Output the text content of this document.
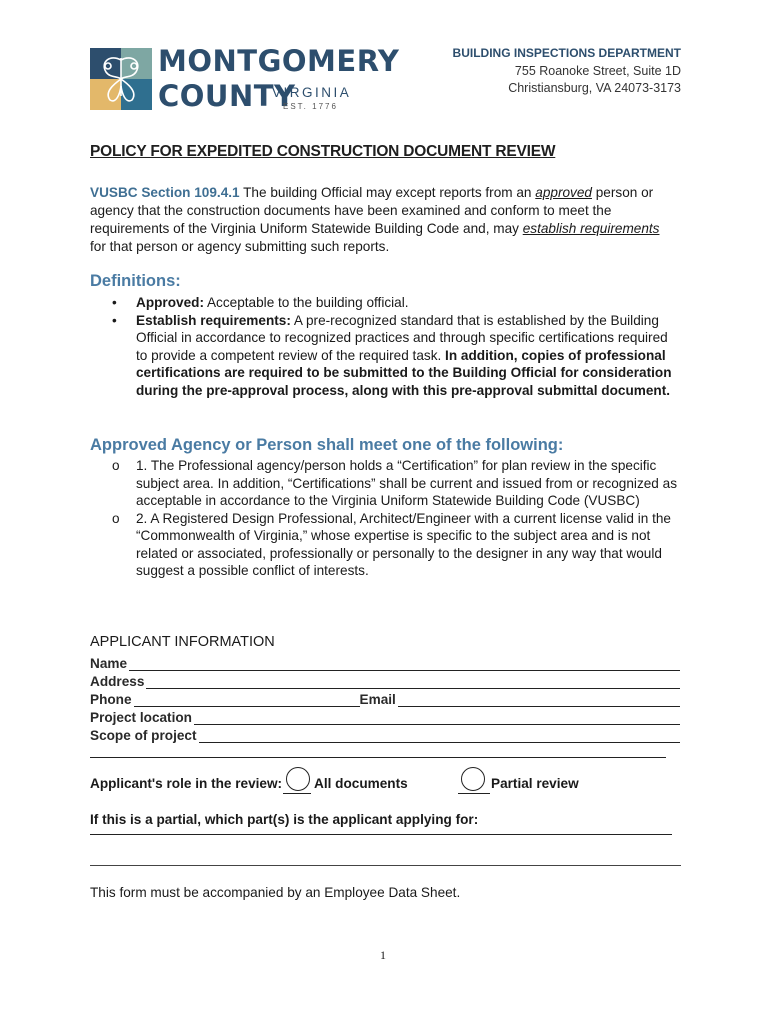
MONTGOMERY
COUNTY
VIRGINIA
EST. 1776
BUILDING INSPECTIONS DEPARTMENT
755 Roanoke Street, Suite 1D
Christiansburg, VA 24073-3173
POLICY FOR EXPEDITED CONSTRUCTION DOCUMENT REVIEW
VUSBC Section 109.4.1 The building Official may except reports from an approved person or agency that the construction documents have been examined and conform to meet the requirements of the Virginia Uniform Statewide Building Code and, may establish requirements for that person or agency submitting such reports.
Definitions:

• Approved: Acceptable to the building official.

• Establish requirements: A pre-recognized standard that is established by the Building Official in accordance to recognized practices and through specific certifications required to provide a competent review of the required task. In addition, copies of professional certifications are required to be submitted to the Building Official for consideration during the pre-approval process, along with this pre-approval submittal document.

Approved Agency or Person shall meet one of the following:

o 1. The Professional agency/person holds a “Certification” for plan review in the specific subject area. In addition, “Certifications” shall be current and issued from or recognized as acceptable in accordance to the Virginia Uniform Statewide Building Code (VUSBC)

o 2. A Registered Design Professional, Architect/Engineer with a current license valid in the “Commonwealth of Virginia,” whose expertise is specific to the subject area and is not related or associated, professionally or personally to the designer in any way that would suggest a possible conflict of interests.

APPLICANT INFORMATION
Name
Address
Phone	Email
Project location
Scope of project
Applicant's role in the review: All documents	Partial review
If this is a partial, which part(s) is the applicant applying for:
This form must be accompanied by an Employee Data Sheet.
1
